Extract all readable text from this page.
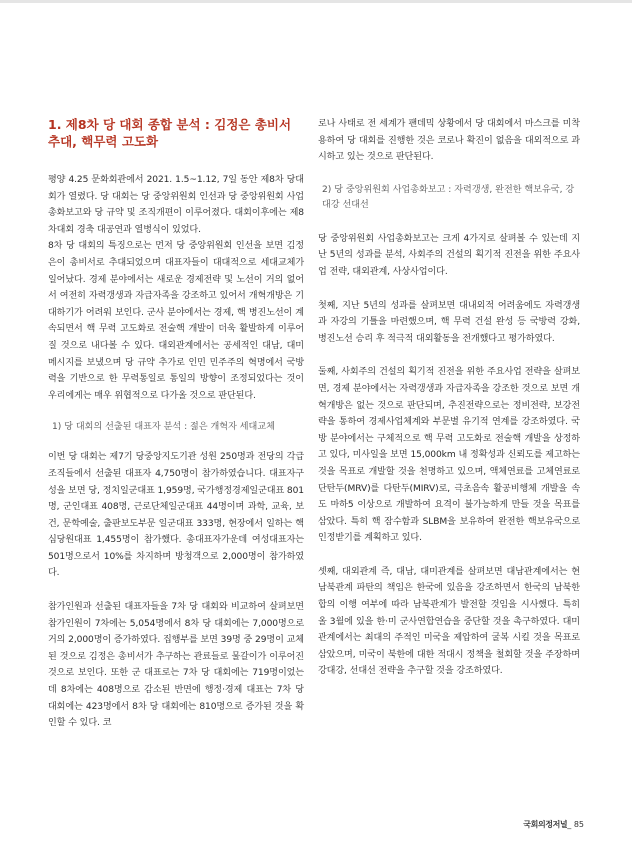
1. 제8차 당 대회 종합 분석 : 김정은 총비서 추대, 핵무력 고도화

평양 4.25 문화회관에서 2021. 1.5~1.12, 7일 동안 제8차 당대회가 열렸다. 당 대회는 당 중앙위원회 인선과 당 중앙위원회 사업총화보고와 당 규약 및 조직개편이 이루어졌다. 대회이후에는 제8차대회 경축 대공연과 열병식이 있었다.

8차 당 대회의 특징으로는 먼저 당 중앙위원회 인선을 보면 김정은이 총비서로 추대되었으며 대표자들이 대대적으로 세대교체가 일어났다. 경제 분야에서는 새로운 경제전략 및 노선이 거의 없어서 여전히 자력갱생과 자급자족을 강조하고 있어서 개혁개방은 기대하기가 어려워 보인다. 군사 분야에서는 경제, 핵 병진노선이 계속되면서 핵 무력 고도화로 전술핵 개발이 더욱 활발하게 이루어질 것으로 내다볼 수 있다. 대외관계에서는 공세적인 대남, 대미 메시지를 보냈으며 당 규약 추가로 인민 민주주의 혁명에서 국방력을 기반으로 한 무력통일로 통일의 방향이 조정되었다는 것이 우리에게는 매우 위협적으로 다가올 것으로 판단된다.

1) 당 대회의 선출된 대표자 분석 : 젊은 개혁자 세대교체

이번 당 대회는 제7기 당중앙지도기관 성원 250명과 전당의 각급 조직들에서 선출된 대표자 4,750명이 참가하였습니다. 대표자구성을 보면 당, 정치일군대표 1,959명, 국가행정경제일군대표 801명, 군인대표 408명, 근로단체일군대표 44명이며 과학, 교육, 보건, 문학예술, 출판보도부문 일군대표 333명, 현장에서 일하는 핵심당원대표 1,455명이 참가했다. 총대표자가운데 여성대표자는 501명으로서 10%를 차지하며 방청객으로 2,000명이 참가하였다.

참가인원과 선출된 대표자들을 7차 당 대회와 비교하여 살펴보면 참가인원이 7차에는 5,054명에서 8차 당 대회에는 7,000명으로 거의 2,000명이 증가하였다. 집행부를 보면 39명 중 29명이 교체된 것으로 김정은 총비서가 추구하는 관료들로 물갈이가 이루어진 것으로 보인다. 또한 군 대표로는 7차 당 대회에는 719명이었는데 8차에는 408명으로 감소된 반면에 행정·경제 대표는 7차 당 대회에는 423명에서 8차 당 대회에는 810명으로 증가된 것을 확인할 수 있다. 코

로나 사태로 전 세계가 팬데믹 상황에서 당 대회에서 마스크를 미착용하여 당 대회를 진행한 것은 코로나 확진이 없음을 대외적으로 과시하고 있는 것으로 판단된다.

2) 당 중앙위원회 사업총화보고 : 자력갱생, 완전한 핵보유국, 강대강 선대선

당 중앙위원회 사업총화보고는 크게 4가지로 살펴볼 수 있는데 지난 5년의 성과를 분석, 사회주의 건설의 획기적 진전을 위한 주요사업 전략, 대외관계, 사상사업이다.

첫째, 지난 5년의 성과를 살펴보면 대내외적 어려움에도 자력갱생과 자강의 기틀을 마련했으며, 핵 무력 건설 완성 등 국방력 강화, 병진노선 승리 후 적극적 대외활동을 전개했다고 평가하였다.

둘째, 사회주의 건설의 획기적 진전을 위한 주요사업 전략을 살펴보면, 경제 분야에서는 자력갱생과 자급자족을 강조한 것으로 보면 개혁개방은 없는 것으로 판단되며, 추진전략으로는 정비전략, 보강전략을 통하여 경제사업체계와 부문별 유기적 연계를 강조하였다. 국방 분야에서는 구체적으로 핵 무력 고도화로 전술핵 개발을 상정하고 있다, 미사일을 보면 15,000km 내 정확성과 신뢰도를 제고하는 것을 목표로 개발할 것을 천명하고 있으며, 액체연료를 고체연료로 단탄두(MRV)를 다탄두(MIRV)로, 극초음속 활공비행체 개발을 속도 마하5 이상으로 개발하여 요격이 불가능하게 만들 것을 목표를 삼았다. 특히 핵 잠수함과 SLBM을 보유하여 완전한 핵보유국으로 인정받기를 계획하고 있다.

셋째, 대외관계 즉, 대남, 대미관계를 살펴보면 대남관계에서는 현 남북관계 파탄의 책임은 한국에 있음을 강조하면서 한국의 남북한 합의 이행 여부에 따라 남북관계가 발전할 것임을 시사했다. 특히 올 3월에 있을 한·미 군사연합연습을 중단할 것을 촉구하였다. 대미관계에서는 최대의 주적인 미국을 제압하여 굴복 시킬 것을 목표로 삼았으며, 미국이 북한에 대한 적대시 정책을 철회할 것을 주장하며 강대강, 선대선 전략을 추구할 것을 강조하였다.

국회의정저널_ 85
